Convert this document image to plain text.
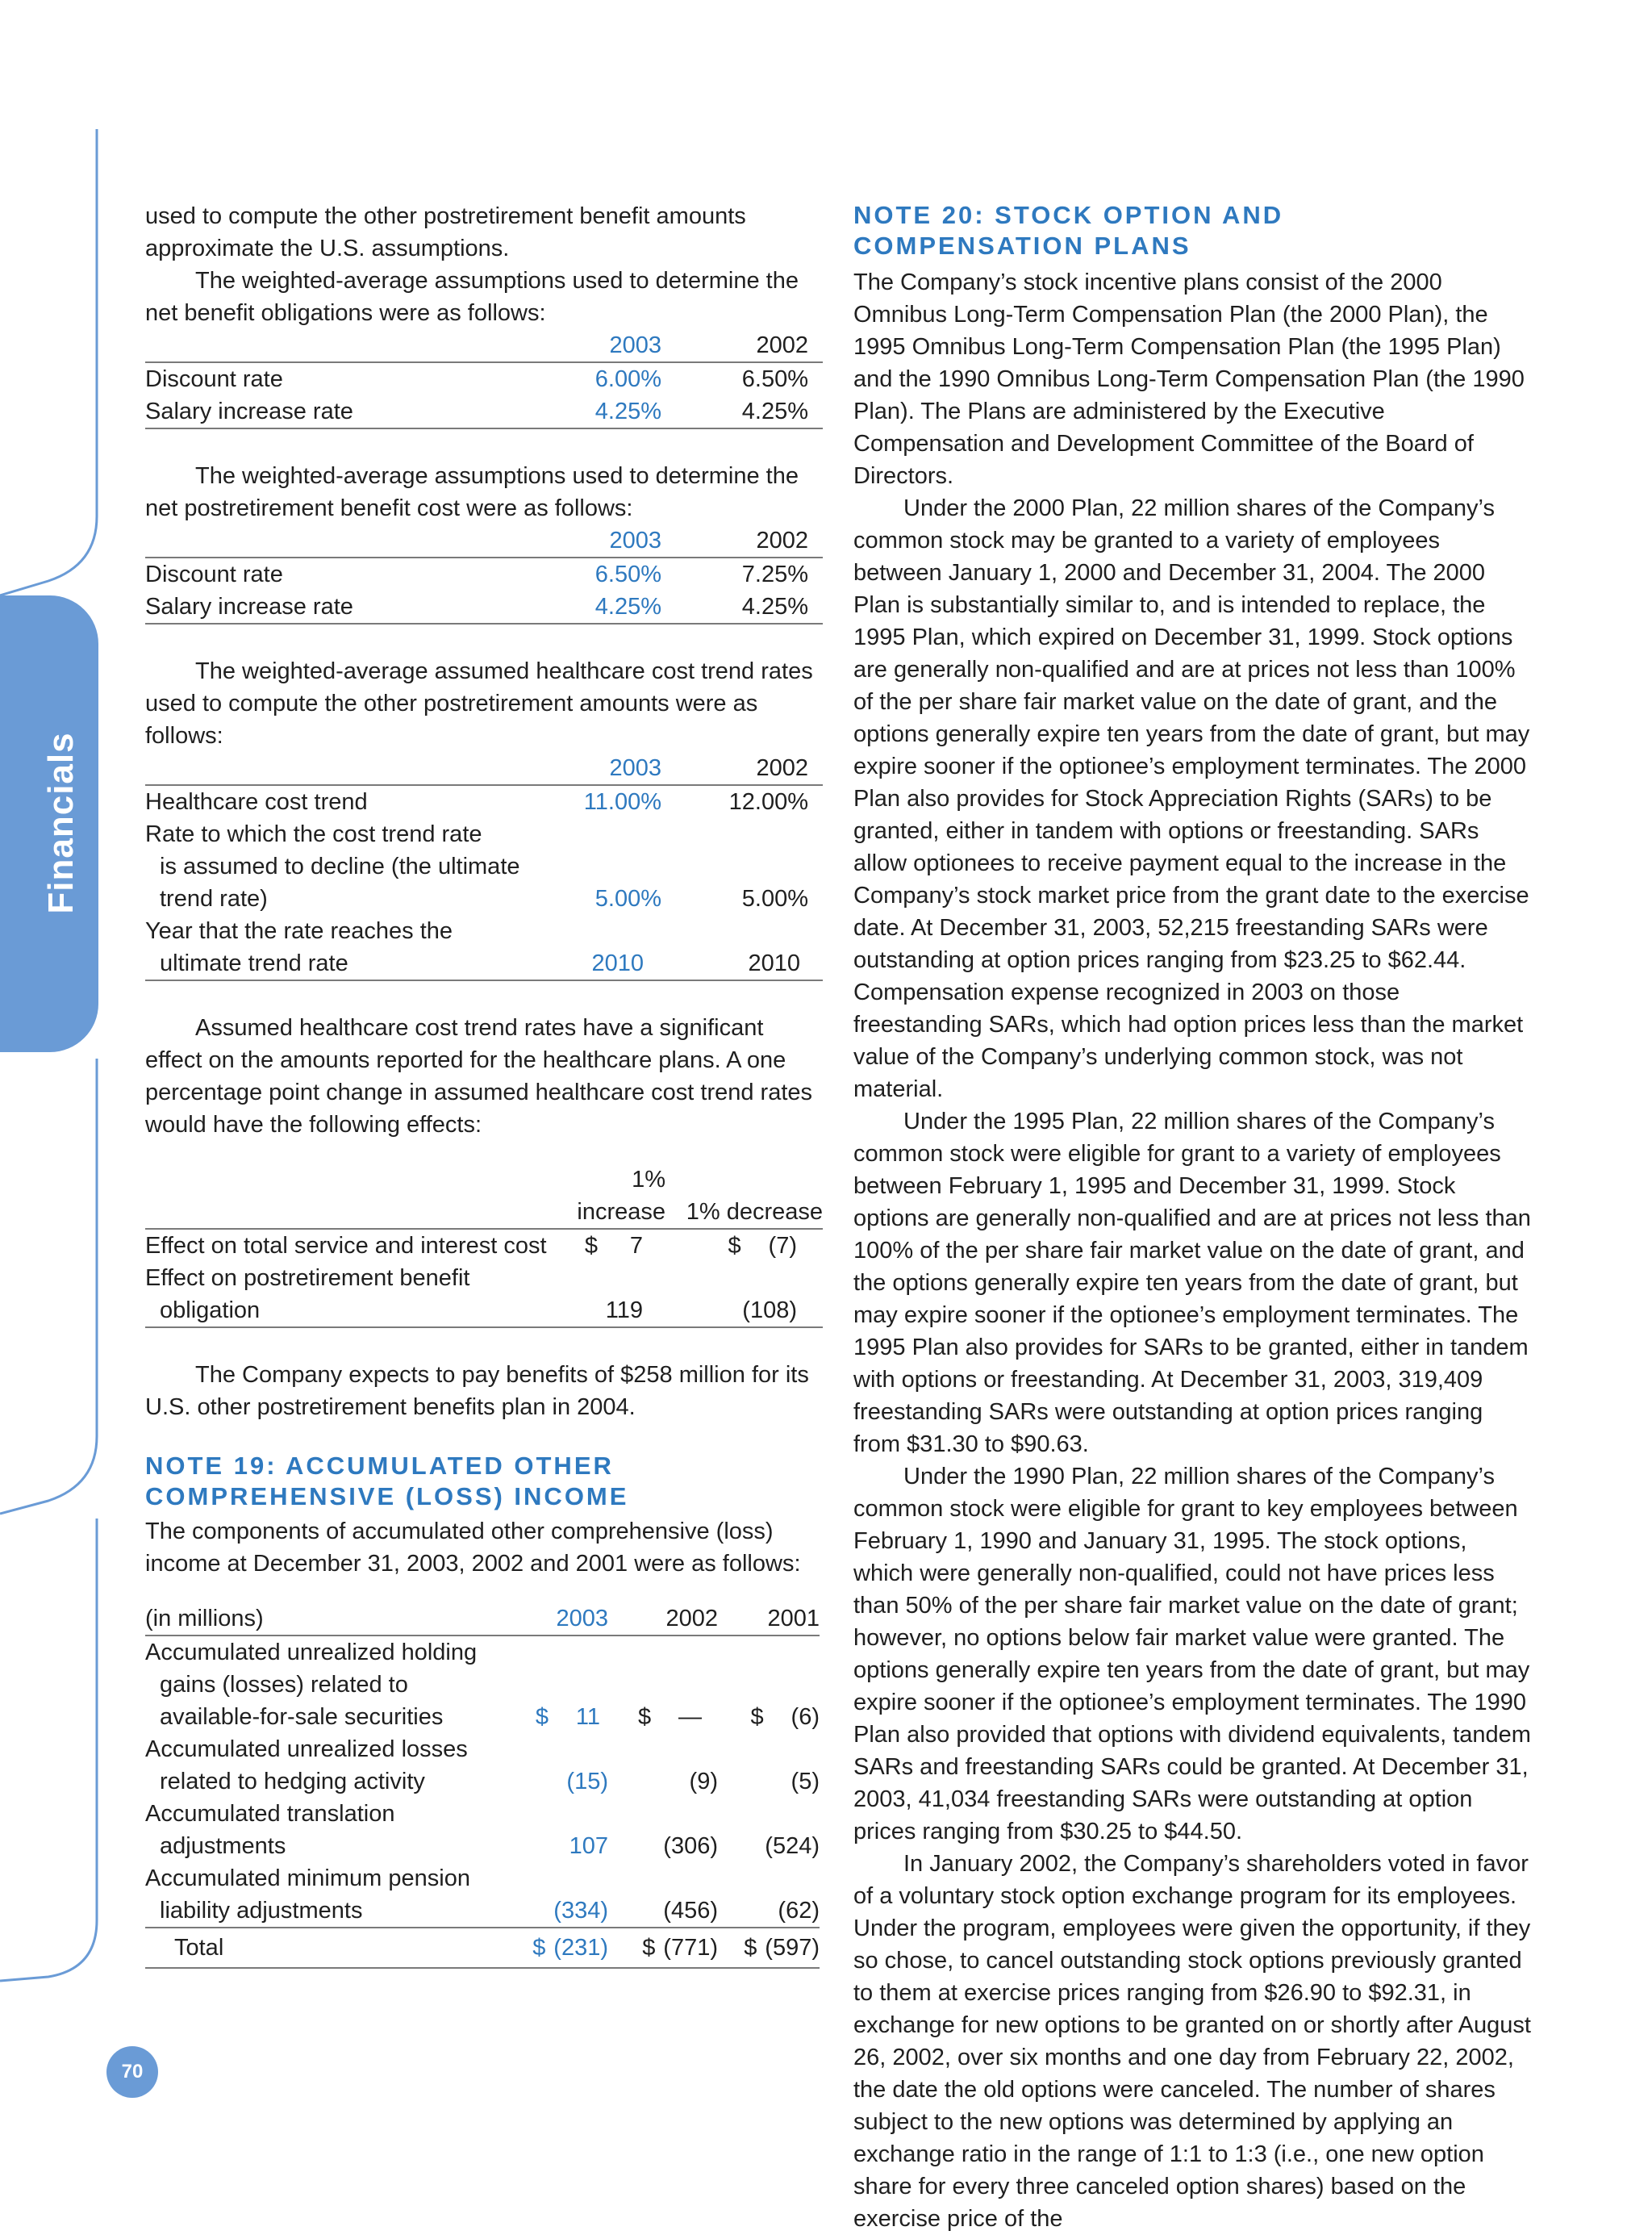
Financials
70

used to compute the other postretirement benefit amounts approximate the U.S. assumptions.

The weighted-average assumptions used to determine the net benefit obligations were as follows:

	2003	2002
Discount rate	6.00%	6.50%
Salary increase rate	4.25%	4.25%

The weighted-average assumptions used to determine the net postretirement benefit cost were as follows:

	2003	2002
Discount rate	6.50%	7.25%
Salary increase rate	4.25%	4.25%

The weighted-average assumed healthcare cost trend rates used to compute the other postretirement amounts were as follows:

	2003	2002
Healthcare cost trend	11.00%	12.00%
Rate to which the cost trend rate		
is assumed to decline (the ultimate		
trend rate)	5.00%	5.00%
Year that the rate reaches the		
ultimate trend rate	2010	2010

Assumed healthcare cost trend rates have a significant effect on the amounts reported for the healthcare plans. A one percentage point change in assumed healthcare cost trend rates would have the following effects:

	1% increase	1% decrease
Effect on total service and interest cost	$ 7	$ (7)
Effect on postretirement benefit		
obligation	119	(108)

The Company expects to pay benefits of $258 million for its U.S. other postretirement benefits plan in 2004.

NOTE 19: ACCUMULATED OTHER

COMPREHENSIVE (LOSS) INCOME

The components of accumulated other comprehensive (loss) income at December 31, 2003, 2002 and 2001 were as follows:

(in millions)	2003	2002	2001
Accumulated unrealized holding			
gains (losses) related to			
available-for-sale securities	$ 11	$ —	$ (6)
Accumulated unrealized losses			
related to hedging activity	(15)	(9)	(5)
Accumulated translation			
adjustments	107	(306)	(524)
Accumulated minimum pension			
liability adjustments	(334)	(456)	(62)
Total	$ (231)	$ (771)	$ (597)

NOTE 20: STOCK OPTION AND

COMPENSATION PLANS

The Company’s stock incentive plans consist of the 2000 Omnibus Long-Term Compensation Plan (the 2000 Plan), the 1995 Omnibus Long-Term Compensation Plan (the 1995 Plan) and the 1990 Omnibus Long-Term Compensation Plan (the 1990 Plan). The Plans are administered by the Executive Compensation and Development Committee of the Board of Directors.

Under the 2000 Plan, 22 million shares of the Company’s common stock may be granted to a variety of employees between January 1, 2000 and December 31, 2004. The 2000 Plan is substantially similar to, and is intended to replace, the 1995 Plan, which expired on December 31, 1999. Stock options are generally non-qualified and are at prices not less than 100% of the per share fair market value on the date of grant, and the options generally expire ten years from the date of grant, but may expire sooner if the optionee’s employment terminates. The 2000 Plan also provides for Stock Appreciation Rights (SARs) to be granted, either in tandem with options or freestanding. SARs allow optionees to receive payment equal to the increase in the Company’s stock market price from the grant date to the exercise date. At December 31, 2003, 52,215 freestanding SARs were outstanding at option prices ranging from $23.25 to $62.44. Compensation expense recognized in 2003 on those freestanding SARs, which had option prices less than the market value of the Company’s underlying common stock, was not material.

Under the 1995 Plan, 22 million shares of the Company’s common stock were eligible for grant to a variety of employees between February 1, 1995 and December 31, 1999. Stock options are generally non-qualified and are at prices not less than 100% of the per share fair market value on the date of grant, and the options generally expire ten years from the date of grant, but may expire sooner if the optionee’s employment terminates. The 1995 Plan also provides for SARs to be granted, either in tandem with options or freestanding. At December 31, 2003, 319,409 freestanding SARs were outstanding at option prices ranging from $31.30 to $90.63.

Under the 1990 Plan, 22 million shares of the Company’s common stock were eligible for grant to key employees between February 1, 1990 and January 31, 1995. The stock options, which were generally non-qualified, could not have prices less than 50% of the per share fair market value on the date of grant; however, no options below fair market value were granted. The options generally expire ten years from the date of grant, but may expire sooner if the optionee’s employment terminates. The 1990 Plan also provided that options with dividend equivalents, tandem SARs and freestanding SARs could be granted. At December 31, 2003, 41,034 freestanding SARs were outstanding at option prices ranging from $30.25 to $44.50.

In January 2002, the Company’s shareholders voted in favor of a voluntary stock option exchange program for its employees. Under the program, employees were given the opportunity, if they so chose, to cancel outstanding stock options previously granted to them at exercise prices ranging from $26.90 to $92.31, in exchange for new options to be granted on or shortly after August 26, 2002, over six months and one day from February 22, 2002, the date the old options were canceled. The number of shares subject to the new options was determined by applying an exchange ratio in the range of 1:1 to 1:3 (i.e., one new option share for every three canceled option shares) based on the exercise price of the
